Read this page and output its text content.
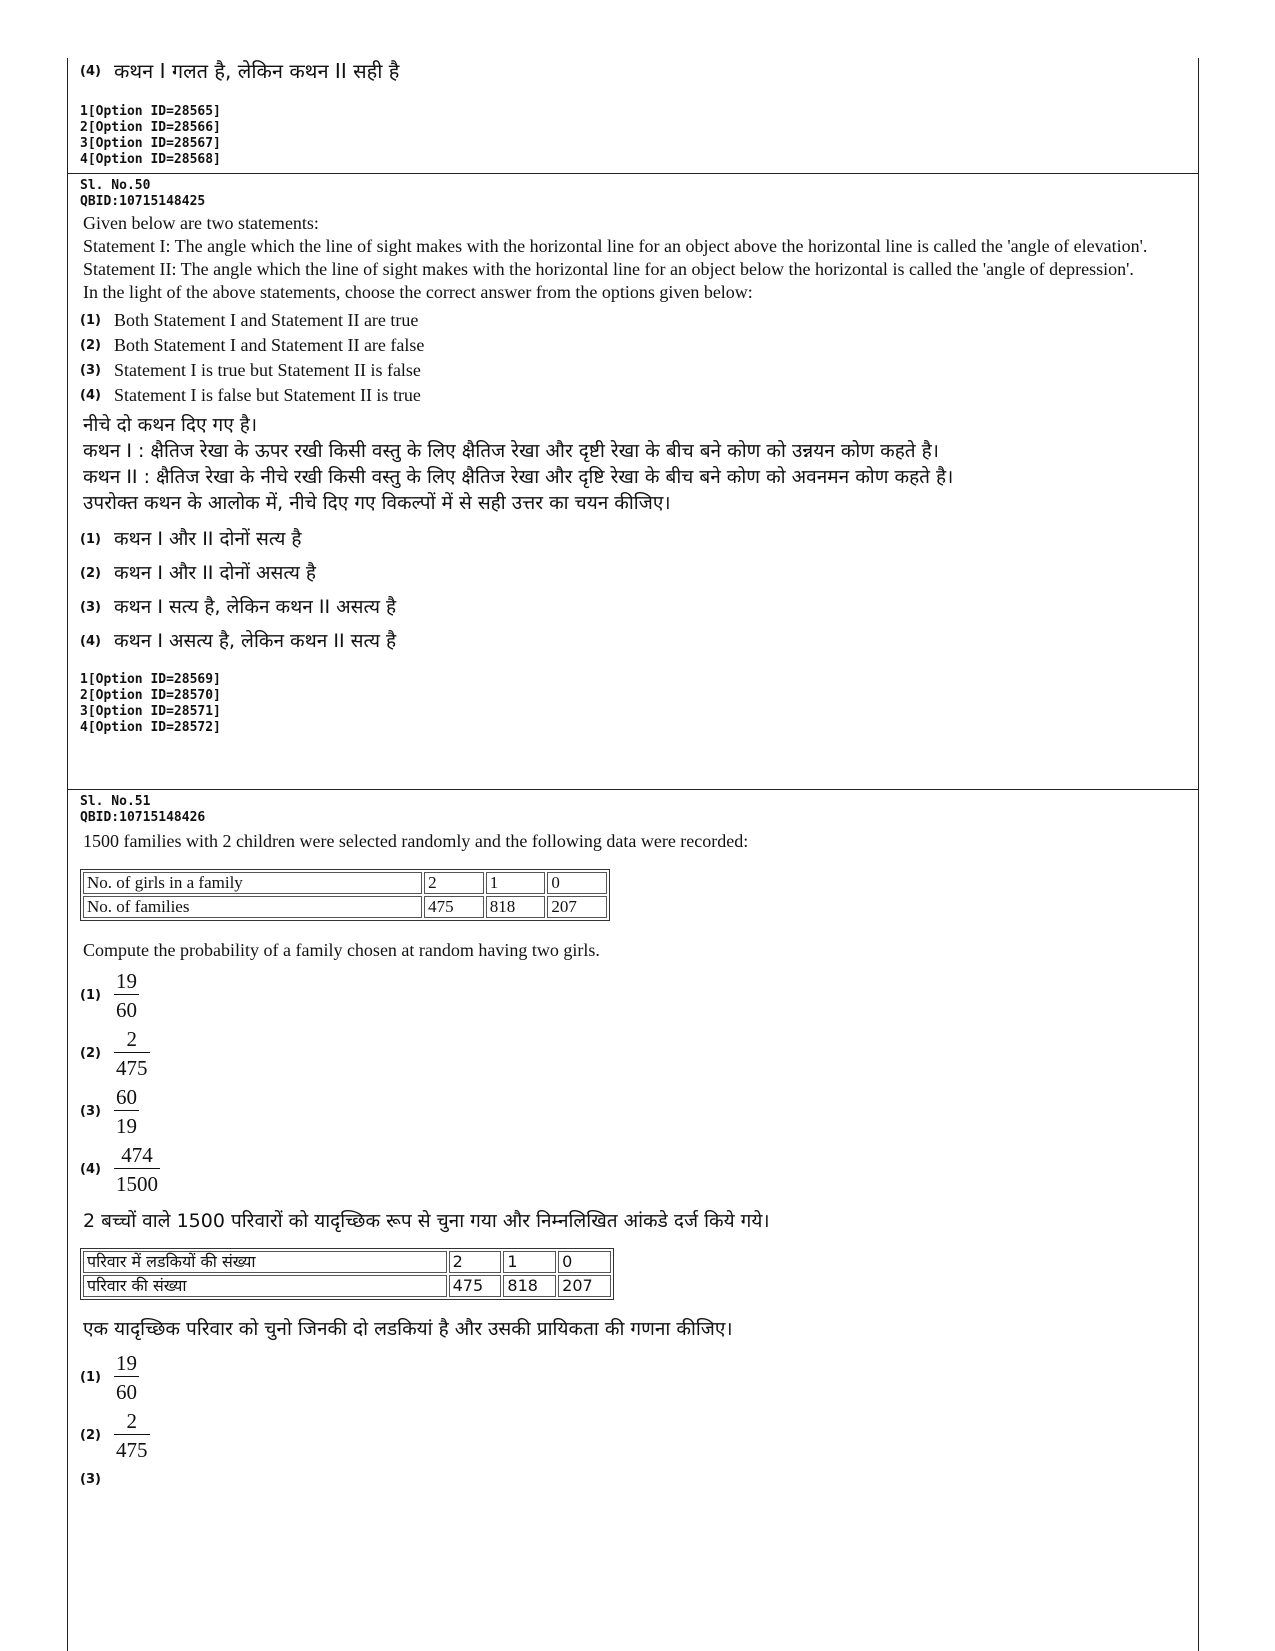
(4) कथन I गलत है, लेकिन कथन II सही है
1[Option ID=28565]
2[Option ID=28566]
3[Option ID=28567]
4[Option ID=28568]
Sl. No.50
QBID:10715148425
Given below are two statements:
Statement I: The angle which the line of sight makes with the horizontal line for an object above the horizontal line is called the 'angle of elevation'.
Statement II: The angle which the line of sight makes with the horizontal line for an object below the horizontal is called the 'angle of depression'.
In the light of the above statements, choose the correct answer from the options given below:
(1) Both Statement I and Statement II are true
(2) Both Statement I and Statement II are false
(3) Statement I is true but Statement II is false
(4) Statement I is false but Statement II is true
नीचे दो कथन दिए गए है।
कथन I : क्षैतिज रेखा के ऊपर रखी किसी वस्तु के लिए क्षैतिज रेखा और दृष्टी रेखा के बीच बने कोण को उन्नयन कोण कहते है।
कथन II : क्षैतिज रेखा के नीचे रखी किसी वस्तु के लिए क्षैतिज रेखा और दृष्टि रेखा के बीच बने कोण को अवनमन कोण कहते है।
उपरोक्त कथन के आलोक में, नीचे दिए गए विकल्पों में से सही उत्तर का चयन कीजिए।
(1) कथन I और II दोनों सत्य है
(2) कथन I और II दोनों असत्य है
(3) कथन I सत्य है, लेकिन कथन II असत्य है
(4) कथन I असत्य है, लेकिन कथन II सत्य है
1[Option ID=28569]
2[Option ID=28570]
3[Option ID=28571]
4[Option ID=28572]
Sl. No.51
QBID:10715148426
1500 families with 2 children were selected randomly and the following data were recorded:
No. of girls in a family	2	1	0
No. of families	475	818	207
Compute the probability of a family chosen at random having two girls.
$(1) \frac{19}{60}$
$(2) \frac{2}{475}$
$(3) \frac{60}{19}$
$(4) \frac{474}{1500}$
2 बच्चों वाले 1500 परिवारों को यादृच्छिक रूप से चुना गया और निम्नलिखित आंकडे दर्ज किये गये।
परिवार में लडकियों की संख्या	2	1	0
परिवार की संख्या	475	818	207
एक यादृच्छिक परिवार को चुनो जिनकी दो लडकियां है और उसकी प्रायिकता की गणना कीजिए।
$(1) \frac{19}{60}$
$(2) \frac{2}{475}$
(3)
